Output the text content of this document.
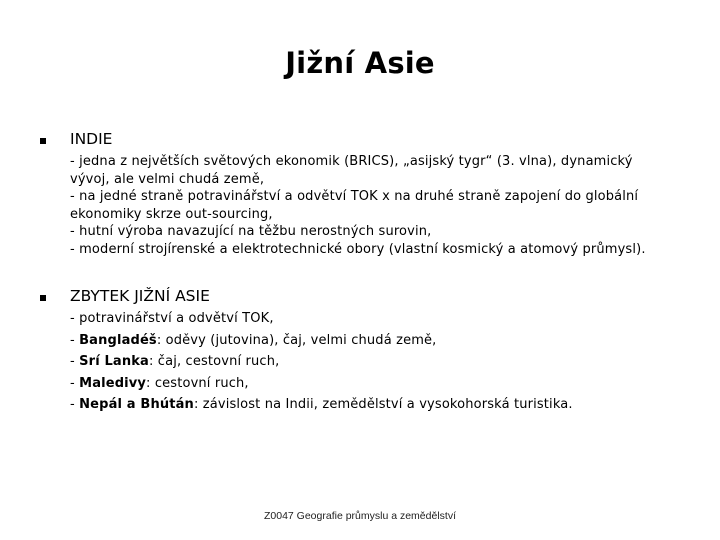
Jižní Asie
INDIE
- jedna z největších světových ekonomik (BRICS), „asijský tygr“ (3. vlna), dynamický
vývoj, ale velmi chudá země,
- na jedné straně potravinářství a odvětví TOK x na druhé straně zapojení do globální
ekonomiky skrze out-sourcing,
- hutní výroba navazující na těžbu nerostných surovin,
- moderní strojírenské a elektrotechnické obory (vlastní kosmický a atomový průmysl).
ZBYTEK JIŽNÍ ASIE
- potravinářství a odvětví TOK,
- Bangladéš: oděvy (jutovina), čaj, velmi chudá země,
- Srí Lanka: čaj, cestovní ruch,
- Maledivy: cestovní ruch,
- Nepál a Bhútán: závislost na Indii, zemědělství a vysokohorská turistika.
Z0047 Geografie průmyslu a zemědělství
